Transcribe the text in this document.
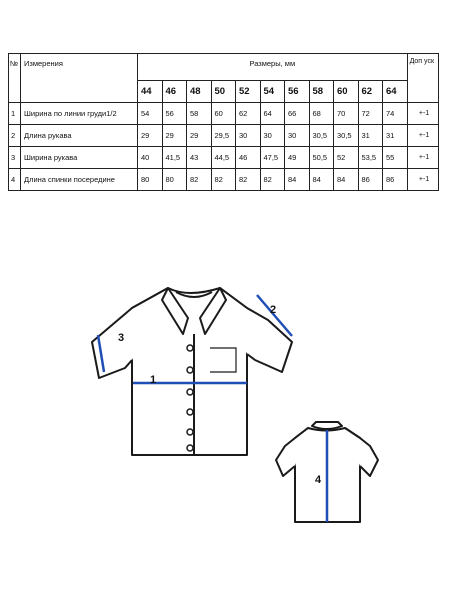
№	Измерения	Размеры, мм											Доп уск
		44	46	48	50	52	54	56	58	60	62	64	
1	Ширина по линии груди1/2	54	56	58	60	62	64	66	68	70	72	74	+-1
2	Длина рукава	29	29	29	29,5	30	30	30	30,5	30,5	31	31	+-1
3	Ширина рукава	40	41,5	43	44,5	46	47,5	49	50,5	52	53,5	55	+-1
4	Длина спинки посередине	80	80	82	82	82	82	84	84	84	86	86	+-1
1
2
3
4
